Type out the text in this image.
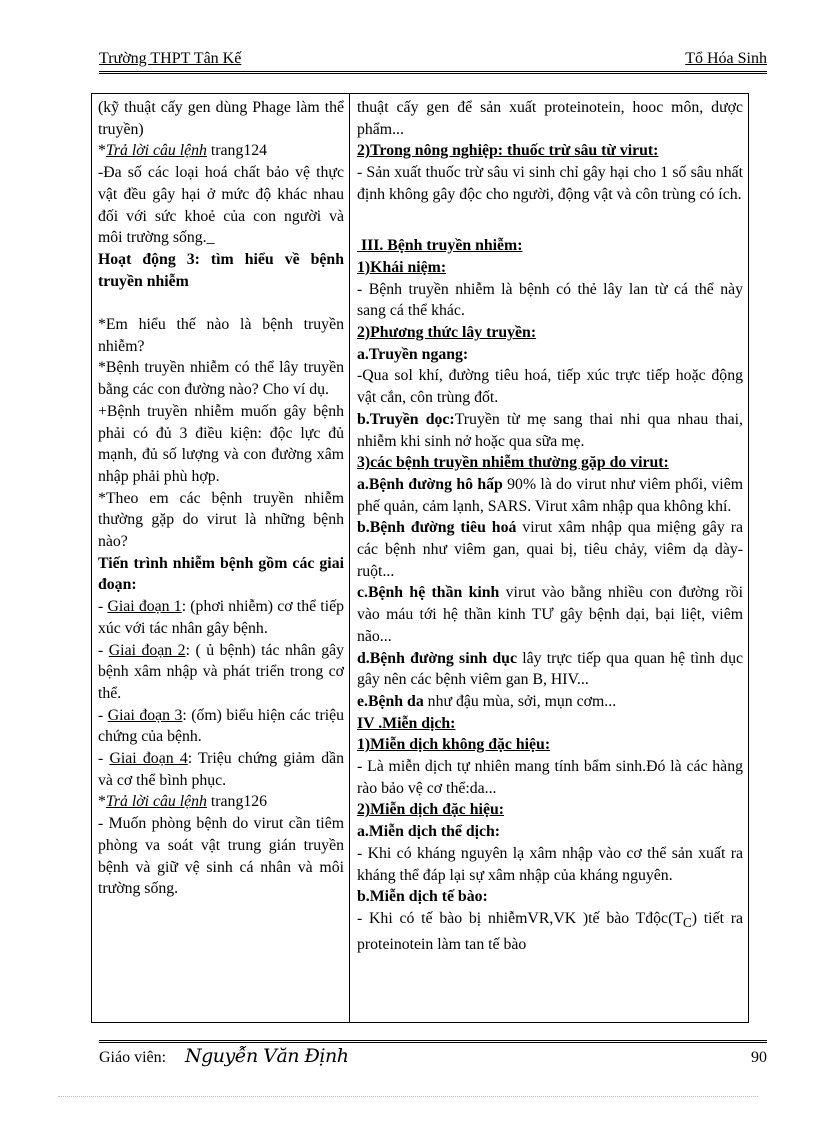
Trường THPT Tân Kế	Tổ Hóa Sinh

(kỹ thuật cấy gen dùng Phage làm thể truyền)

*Trả lời câu lệnh trang124

-Đa số các loại hoá chất bảo vệ thực vật đều gây hại ở mức độ khác nhau đối với sức khoẻ của con người và môi trường sống._

Hoạt động 3: tìm hiểu về bệnh truyền nhiễm

*Em hiểu thế nào là bệnh truyền nhiễm?

*Bệnh truyền nhiễm có thể lây truyền bằng các con đường nào? Cho ví dụ.

+Bệnh truyền nhiễm muốn gây bệnh phải có đủ 3 điều kiện: độc lực đủ mạnh, đủ số lượng và con đường xâm nhập phải phù hợp.

*Theo em các bệnh truyền nhiễm thường gặp do virut là những bệnh nào?

Tiến trình nhiễm bệnh gồm các giai đoạn:

- Giai đoạn 1: (phơi nhiễm) cơ thể tiếp xúc với tác nhân gây bệnh.

- Giai đoạn 2: ( ủ bệnh) tác nhân gây bệnh xâm nhập và phát triển trong cơ thể.

- Giai đoạn 3: (ốm) biểu hiện các triệu chứng của bệnh.

- Giai đoạn 4: Triệu chứng giảm dần và cơ thể bình phục.

*Trả lời câu lệnh trang126

- Muốn phòng bệnh do virut cần tiêm phòng va soát vật trung gián truyền bệnh và giữ vệ sinh cá nhân và môi trường sống.

thuật cấy gen để sản xuất proteinotein, hooc môn, dược phẩm...

2)Trong nông nghiệp: thuốc trừ sâu từ virut:

- Sản xuất thuốc trừ sâu vi sinh chỉ gây hại cho 1 số sâu nhất định không gây độc cho người, động vật và côn trùng có ích.

III. Bệnh truyền nhiễm:

1)Khái niệm:

- Bệnh truyền nhiễm là bệnh có thẻ lây lan từ cá thể này sang cá thể khác.

2)Phương thức lây truyền:

a.Truyền ngang:

-Qua sol khí, đường tiêu hoá, tiếp xúc trực tiếp hoặc động vật cắn, côn trùng đốt.

b.Truyền dọc:Truyền từ mẹ sang thai nhi qua nhau thai, nhiễm khi sinh nở hoặc qua sữa mẹ.

3)các bệnh truyền nhiễm thường gặp do virut:

a.Bệnh đường hô hấp 90% là do virut như viêm phổi, viêm phế quản, cảm lạnh, SARS. Virut xâm nhập qua không khí.

b.Bệnh đường tiêu hoá virut xâm nhập qua miệng gây ra các bệnh như viêm gan, quai bị, tiêu chảy, viêm dạ dày-ruột...

c.Bệnh hệ thần kinh virut vào bằng nhiều con đường rồi vào máu tới hệ thần kinh TƯ gây bệnh dại, bại liệt, viêm não...

d.Bệnh đường sinh dục lây trực tiếp qua quan hệ tình dục gây nên các bệnh viêm gan B, HIV...

e.Bệnh da như đậu mùa, sởi, mụn cơm...

IV .Miễn dịch:

1)Miễn dịch không đặc hiệu:

- Là miễn dịch tự nhiên mang tính bẩm sinh.Đó là các hàng rào bảo vệ cơ thể:da...

2)Miễn dịch đặc hiệu:

a.Miễn dịch thể dịch:

- Khi có kháng nguyên lạ xâm nhập vào cơ thể sản xuất ra kháng thể đáp lại sự xâm nhập của kháng nguyên.

b.Miễn dịch tế bào:

- Khi có tế bào bị nhiễmVR,VK )tế bào $Tđộc(T_C)$ tiết ra proteinotein làm tan tế bào

Giáo viên: Nguyễn Văn Định	90
